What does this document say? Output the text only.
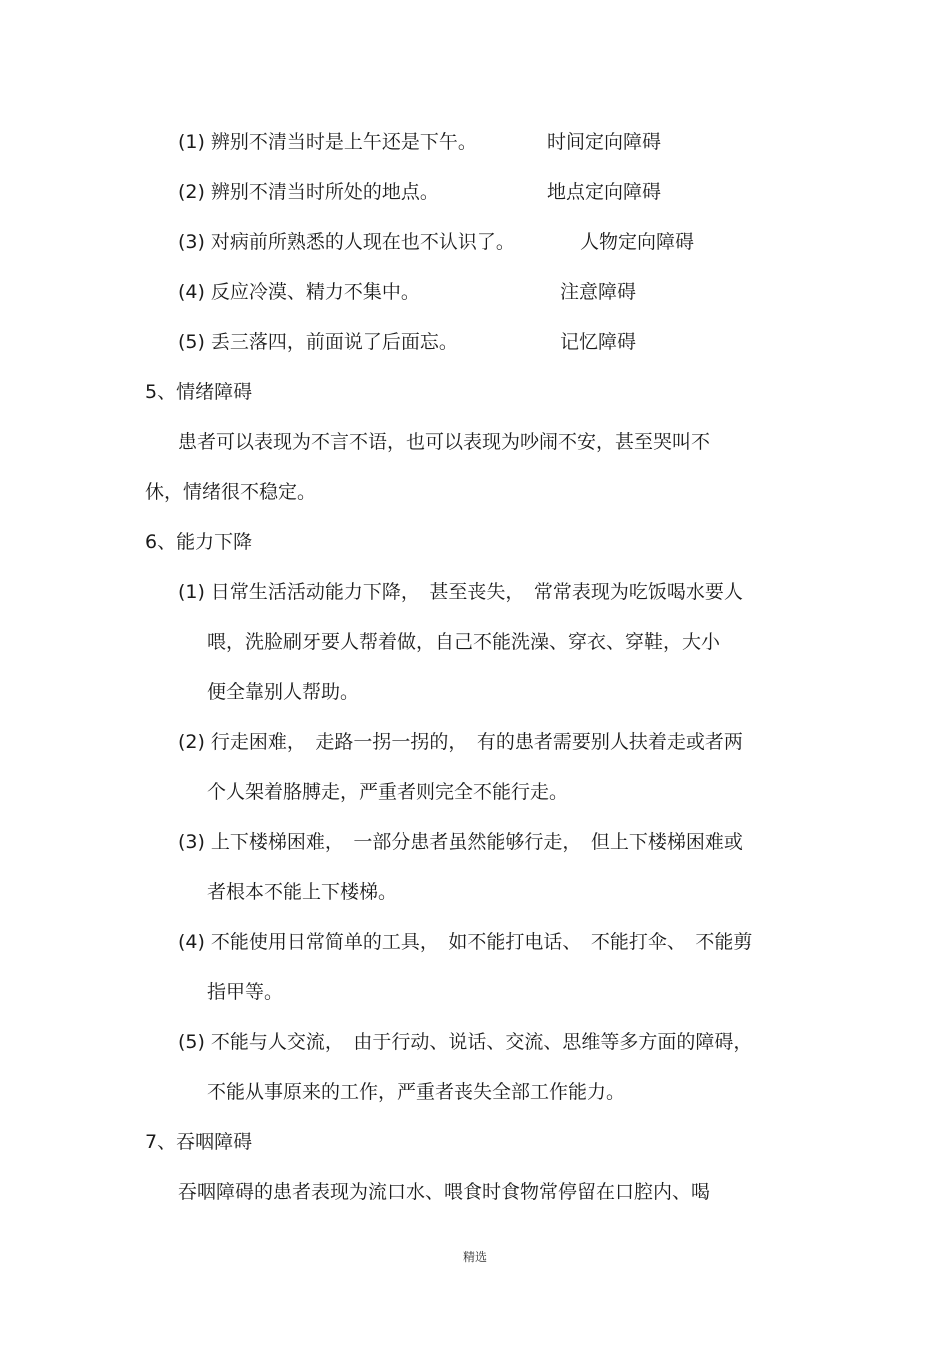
(1) 辨别不清当时是上午还是下午。	时间定向障碍
(2) 辨别不清当时所处的地点。	地点定向障碍
(3) 对病前所熟悉的人现在也不认识了。	人物定向障碍
(4) 反应冷漠、精力不集中。	注意障碍
(5) 丢三落四，前面说了后面忘。	记忆障碍
5、情绪障碍
患者可以表现为不言不语，也可以表现为吵闹不安，甚至哭叫不
休，情绪很不稳定。
6、能力下降
(1) 日常生活活动能力下降，　甚至丧失，　常常表现为吃饭喝水要人
喂，洗脸刷牙要人帮着做，自己不能洗澡、穿衣、穿鞋，大小
便全靠别人帮助。
(2) 行走困难，　走路一拐一拐的，　有的患者需要别人扶着走或者两
个人架着胳膊走，严重者则完全不能行走。
(3) 上下楼梯困难，　一部分患者虽然能够行走，　但上下楼梯困难或
者根本不能上下楼梯。
(4) 不能使用日常简单的工具，　如不能打电话、　不能打伞、　不能剪
指甲等。
(5) 不能与人交流，　由于行动、说话、交流、思维等多方面的障碍，
不能从事原来的工作，严重者丧失全部工作能力。
7、吞咽障碍
吞咽障碍的患者表现为流口水、喂食时食物常停留在口腔内、喝
精选
